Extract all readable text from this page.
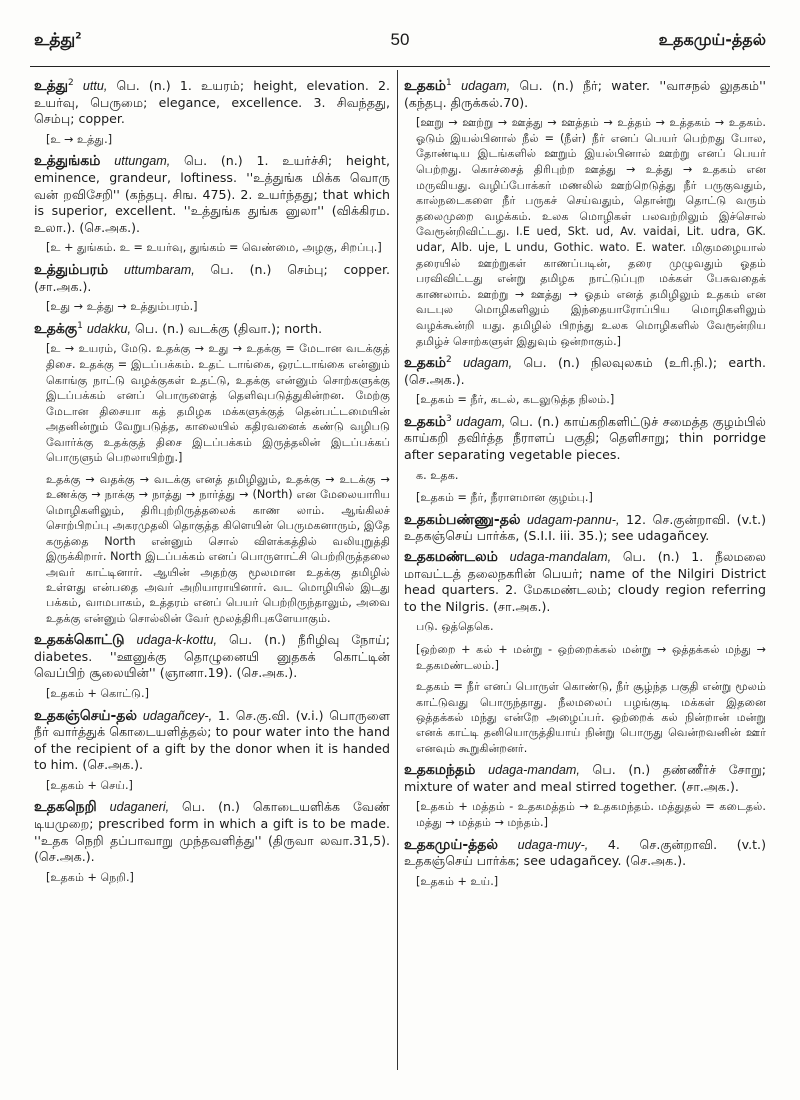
உத்து$^2$	50	உதகமுய்-த்தல்
உத்து$^2$ uttu, பெ. (n.) 1. உயரம்; height, elevation. 2. உயர்வு, பெருமை; elegance, excellence. 3. சிவந்தது, செம்பு; copper.
[உ → உத்து.]
உத்துங்கம் uttungam, பெ. (n.) 1. உயர்ச்சி; height, eminence, grandeur, loftiness. ''உத்துங்க மிக்க வொரு வன் றவிசேறி'' (கந்தபு. சிங. 475). 2. உயர்ந்தது; that which is superior, excellent. ''உத்துங்க துங்க னுலா'' (விக்கிரம. உலா.). (செ.அக.).
[உ + துங்கம். உ = உயர்வு, துங்கம் = வெண்மை, அழகு, சிறப்பு.]
உத்தும்பரம் uttumbaram, பெ. (n.) செம்பு; copper. (சா.அக.).
[உது → உத்து → உத்தும்பரம்.]
உதக்கு$^1$ udakku, பெ. (n.) வடக்கு (திவா.); north.
[உ → உயரம், மேடு. உதக்கு → உது → உதக்கு = மேடான வடக்குத் திசை. உதக்கு = இடப்பக்கம். உதட் டாங்கை, ஒரட்டாங்கை என்னும் கொங்கு நாட்டு வழக்குகள் உதட்டு, உதக்கு என்னும் சொற்களுக்கு இடப்பக்கம் எனப் பொருளைத் தெளிவுபடுத்துகின்றன. மேற்கு மேடான திசையா கத் தமிழக மக்களுக்குத் தென்பட்டமையின் அதனின்றும் வேறுபடுத்த, காலையில் கதிரவனைக் கண்டு வழிபடு வோர்க்கு உதக்குத் திசை இடப்பக்கம் இருத்தலின் இடப்பக்கப் பொருளும் பெறலாயிற்று.]
உதக்கு → வதக்கு → வடக்கு எனத் தமிழிலும், உதக்கு → உடக்கு → உணக்கு → நாக்கு → நாத்து → நார்த்து → (North) என மேலையாரிய மொழிகளிலும், திரிபுற்றிருத்தலைக் காண லாம். ஆங்கிலச் சொற்பிறப்பு அகரமுதலி தொகுத்த கிளெயின் பெருமகனாரும், இதே கருத்தை North என்னும் சொல் விளக்கத்தில் வலியுறுத்தி இருக்கிறார். North இடப்பக்கம் எனப் பொருளாட்சி பெற்றிருத்தலை அவர் காட்டினார். ஆயின் அதற்கு மூலமான உதக்கு தமிழில் உள்ளது என்பதை அவர் அறியாராயினார். வட மொழியில் இடது பக்கம், வாமபாகம், உத்தரம் எனப் பெயர் பெற்றிருந்தாலும், அவை உதக்கு என்னும் சொல்லின் வேர் மூலத்திரிபுகளேயாகும்.
உதகக்கொட்டு udaga-k-kottu, பெ. (n.) நீரிழிவு நோய்; diabetes. ''ஊனுக்கு தொழுனையி னுதகக் கொட்டின் வெப்பிற் சூலையின்'' (ஞானா.19). (செ.அக.).
[உதகம் + கொட்டு.]
உதகஞ்செய்-தல் udagañcey-, 1. செ.கு.வி. (v.i.) பொருளை நீர் வார்த்துக் கொடையளித்தல்; to pour water into the hand of the recipient of a gift by the donor when it is handed to him. (செ.அக.).
[உதகம் + செய்.]
உதகநெறி udaganeri, பெ. (n.) கொடையளிக்க வேண் டியமுறை; prescribed form in which a gift is to be made. ''உதக நெறி தப்பாவாறு முந்தவளித்து'' (திருவா லவா.31,5). (செ.அக.).
[உதகம் + நெறி.]
உதகம்$^1$ udagam, பெ. (n.) நீர்; water. ''வாசநல் லுதகம்'' (கந்தபு. திருக்கல்.70).
[ஊறு → ஊற்று → ஊத்து → ஊத்தம் → உத்தம் → உத்தகம் → உதகம். ஓடும் இயல்பினால் நீல் = (நீள்) நீர் எனப் பெயர் பெற்றது போல, தோண்டிய இடங்களில் ஊறும் இயல்பினால் ஊற்று எனப் பெயர் பெற்றது. கொச்சைத் திரிபுற்ற ஊத்து → உத்து → உதகம் என மருவியது. வழிப்போக்கர் மணலில் ஊற்றெடுத்து நீர் பருகுவதும், கால்நடைகளை நீர் பருகச் செய்வதும், தொன்று தொட்டு வரும் தலைமுறை வழக்கம். உலக மொழிகள் பலவற்றிலும் இச்சொல் வேரூன்றிவிட்டது. I.E ued, Skt. ud, Av. vaidai, Lit. udra, GK. udar, Alb. uje, L undu, Gothic. wato. E. water. மிகுமழையால் தரையில் ஊற்றுகள் காணப்படின், தரை முழுவதும் ஓதம் பரவிவிட்டது என்று தமிழக நாட்டுப்புற மக்கள் பேசுவதைக் காணலாம். ஊற்று → ஊத்து → ஓதம் எனத் தமிழிலும் உதகம் என வடபுல மொழிகளிலும் இந்தையாரோப்பிய மொழிகளிலும் வழக்கூன்றி யது. தமிழில் பிறந்து உலக மொழிகளில் வேரூன்றிய தமிழ்ச் சொற்களுள் இதுவும் ஒன்றாகும்.]
உதகம்$^2$ udagam, பெ. (n.) நிலவுலகம் (உரி.நி.); earth. (செ.அக.).
[உதகம் = நீர், கடல், கடலுடுத்த நிலம்.]
உதகம்$^3$ udagam, பெ. (n.) காய்கறிகளிட்டுச் சமைத்த குழம்பில் காய்கறி தவிர்த்த நீராளப் பகுதி; தெளிசாறு; thin porridge after separating vegetable pieces.
க. உதக.
[உதகம் = நீர், நீராளமான குழம்பு.]
உதகம்பண்ணு-தல் udagam-pannu-, 12. செ.குன்றாவி. (v.t.) உதகஞ்செய் பார்க்க, (S.I.I. iii. 35.); see udagañcey.
உதகமண்டலம் udaga-mandalam, பெ. (n.) 1. நீலமலை மாவட்டத் தலைநகரின் பெயர்; name of the Nilgiri District head quarters. 2. மேகமண்டலம்; cloudy region referring to the Nilgris. (சா.அக.).
படு. ஒத்தெகெ.
[ஒற்றை + கல் + மன்று - ஒற்றைக்கல் மன்று → ஒத்தக்கல் மந்து → உதகமண்டலம்.]
உதகம் = நீர் எனப் பொருள் கொண்டு, நீர் சூழ்ந்த பகுதி என்று மூலம் காட்டுவது பொருந்தாது. நீலமலைப் பழங்குடி மக்கள் இதனை ஒத்தக்கல் மந்து என்றே அழைப்பர். ஒற்றைக் கல் நின்றான் மன்று எனக் காட்டி தனியொருத்தியாய் நின்று பொருது வென்றவனின் ஊர் எனவும் கூறுகின்றனர்.
உதகமந்தம் udaga-mandam, பெ. (n.) தண்ணீர்ச் சோறு; mixture of water and meal stirred together. (சா.அக.).
[உதகம் + மத்தம் - உதகமத்தம் → உதகமந்தம். மத்துதல் = கடைதல். மத்து → மத்தம் → மந்தம்.]
உதகமுய்-த்தல் udaga-muy-, 4. செ.குன்றாவி. (v.t.) உதகஞ்செய் பார்க்க; see udagañcey. (செ.அக.).
[உதகம் + உய்.]
